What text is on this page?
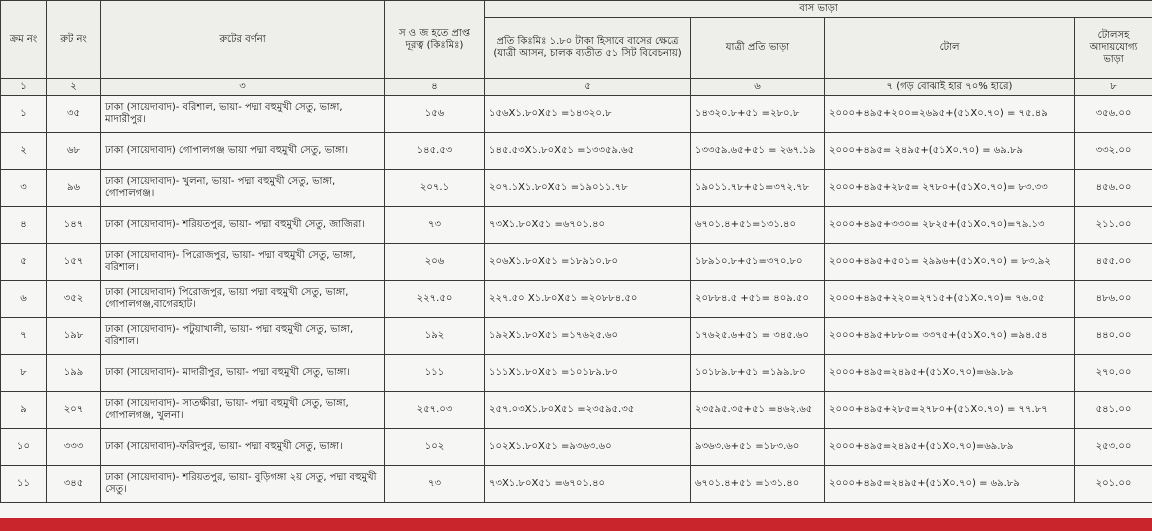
ক্রম নং	রুট নং	রুটের বর্ণনা	স ও জ হতে প্রাপ্ত দূরত্ব (কিঃমিঃ)	বাস ভাড়া			
				প্রতি কিঃমিঃ ১.৮০ টাকা হিসাবে বাসের ক্ষেত্রে (যাত্রী আসন, চালক ব্যতীত ৫১ সিট বিবেচনায়)	যাত্রী প্রতি ভাড়া	টোল	টোলসহ আদায়যোগ্য ভাড়া
১	২	৩	৪	৫	৬	৭ (গড় বোঝাই হার ৭০% হারে)	৮
১	৩৫	ঢাকা (সায়েদাবাদ)- বরিশাল, ভায়া- পদ্মা বহুমুখী সেতু, ভাঙ্গা, মাদারীপুর।	১৫৬	১৫৬X১.৮০X৫১ =১৪৩২০.৮	১৪৩২০.৮+৫১ =২৮০.৮	২০০০+৪৯৫+২০০=২৬৯৫+(৫১X০.৭০) = ৭৫.৪৯	৩৫৬.০০
২	৬৮	ঢাকা (সায়েদাবাদ) গোপালগঞ্জ ভায়া পদ্মা বহুমুখী সেতু, ভাঙ্গা।	১৪৫.৫৩	১৪৫.৫৩X১.৮০X৫১ =১৩৩৫৯.৬৫	১৩৩৫৯.৬৫+৫১ = ২৬৭.১৯	২০০০+৪৯৫= ২৪৯৫+(৫১X০.৭০) = ৬৯.৮৯	৩৩২.০০
৩	৯৬	ঢাকা (সায়েদাবাদ)- খুলনা, ভায়া- পদ্মা বহুমুখী সেতু, ভাঙ্গা, গোপালগঞ্জ।	২০৭.১	২০৭.১X১.৮০X৫১ =১৯০১১.৭৮	১৯০১১.৭৮+৫১=৩৭২.৭৮	২০০০+৪৯৫+২৮৫= ২৭৮০+(৫১X০.৭০)= ৮৩.৩৩	৪৫৬.০০
৪	১৪৭	ঢাকা (সায়েদাবাদ)- শরিয়তপুর, ভায়া- পদ্মা বহুমুখী সেতু, জাজিরা।	৭৩	৭৩X১.৮০X৫১ =৬৭০১.৪০	৬৭০১.৪+৫১=১৩১.৪০	২০০০+৪৯৫+৩৩০= ২৮২৫+(৫১X০.৭০)=৭৯.১৩	২১১.০০
৫	১৫৭	ঢাকা (সায়েদাবাদ)- পিরোজপুর, ভায়া- পদ্মা বহুমুখী সেতু, ভাঙ্গা, বরিশাল।	২০৬	২০৬X১.৮০X৫১ =১৮৯১০.৮০	১৮৯১০.৮+৫১=৩৭০.৮০	২০০০+৪৯৫+৫০১= ২৯৯৬+(৫১X০.৭০) = ৮৩.৯২	৪৫৫.০০
৬	৩৫২	ঢাকা (সায়েদাবাদ) পিরোজপুর, ভায়া পদ্মা বহুমুখী সেতু, ভাঙ্গা, গোপালগঞ্জ,বাগেরহাট।	২২৭.৫০	২২৭.৫০ X১.৮০X৫১ =২০৮৮৪.৫০	২০৮৮৪.৫ +৫১= ৪০৯.৫০	২০০০+৪৯৫+২২০=২৭১৫+(৫১X০.৭০)= ৭৬.০৫	৪৮৬.০০
৭	১৯৮	ঢাকা (সায়েদাবাদ)- পটুয়াখালী, ভায়া- পদ্মা বহুমুখী সেতু, ভাঙ্গা, বরিশাল।	১৯২	১৯২X১.৮০X৫১ =১৭৬২৫.৬০	১৭৬২৫.৬+৫১ = ৩৪৫.৬০	২০০০+৪৯৫+৮৮০= ৩৩৭৫+(৫১X০.৭০) =৯৪.৫৪	৪৪০.০০
৮	১৯৯	ঢাকা (সায়েদাবাদ)- মাদারীপুর, ভায়া- পদ্মা বহুমুখী সেতু, ভাঙ্গা।	১১১	১১১X১.৮০X৫১ =১০১৮৯.৮০	১০১৮৯.৮+৫১ =১৯৯.৮০	২০০০+৪৯৫=২৪৯৫+(৫১X০.৭০)=৬৯.৮৯	২৭০.০০
৯	২০৭	ঢাকা (সায়েদাবাদ)- সাতক্ষীরা, ভায়া- পদ্মা বহুমুখী সেতু, ভাঙ্গা, গোপালগঞ্জ, খুলনা।	২৫৭.০৩	২৫৭.০৩X১.৮০X৫১ =২৩৫৯৫.৩৫	২৩৫৯৫.৩৫+৫১ =৪৬২.৬৫	২০০০+৪৯৫+২৮৫=২৭৮০+(৫১X০.৭০) = ৭৭.৮৭	৫৪১.০০
১০	৩৩৩	ঢাকা (সায়েদাবাদ)-ফরিদপুর, ভায়া- পদ্মা বহুমুখী সেতু, ভাঙ্গা।	১০২	১০২X১.৮০X৫১ =৯৩৬৩.৬০	৯৩৬৩.৬+৫১ =১৮৩.৬০	২০০০+৪৯৫=২৪৯৫+(৫১X০.৭০)=৬৯.৮৯	২৫৩.০০
১১	৩৪৫	ঢাকা (সায়েদাবাদ)- শরিয়তপুর, ভায়া- বুড়িগঙ্গা ২য় সেতু, পদ্মা বহুমুখী সেতু।	৭৩	৭৩X১.৮০X৫১ =৬৭০১.৪০	৬৭০১.৪+৫১ =১৩১.৪০	২০০০+৪৯৫=২৪৯৫+(৫১X০.৭০) = ৬৯.৮৯	২০১.০০
